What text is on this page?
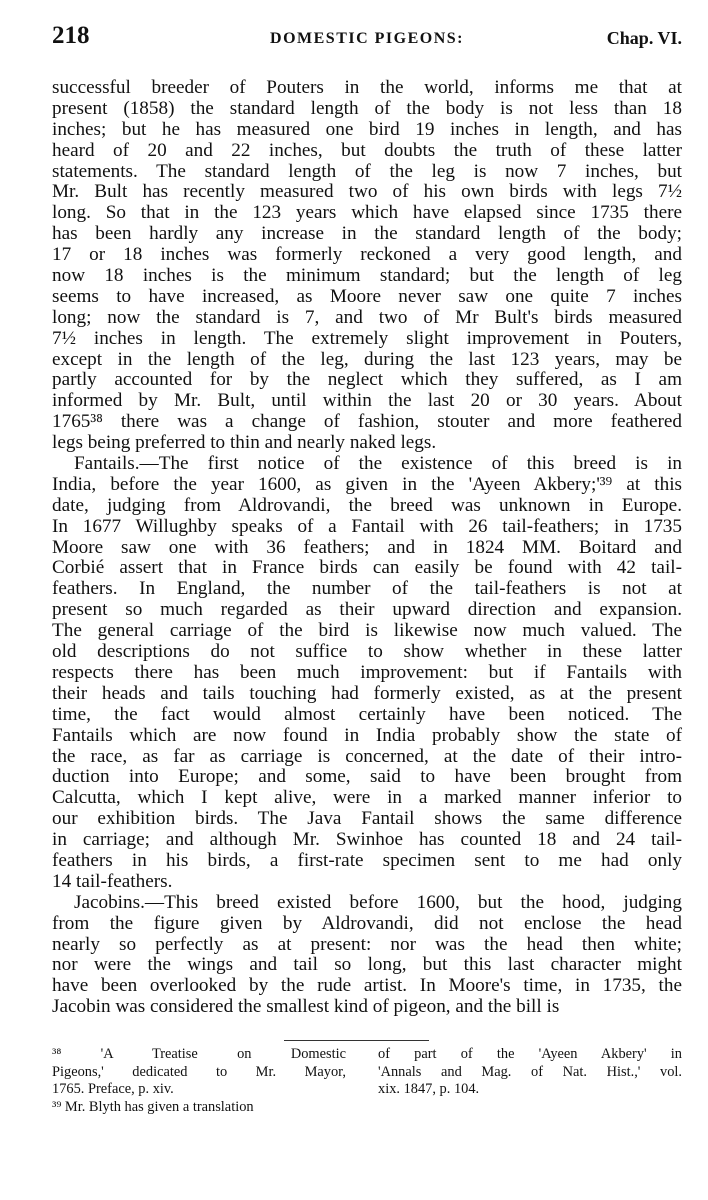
218	DOMESTIC PIGEONS:	Chap. VI.
successful breeder of Pouters in the world, informs me that at
present (1858) the standard length of the body is not less than 18
inches; but he has measured one bird 19 inches in length, and has
heard of 20 and 22 inches, but doubts the truth of these latter
statements. The standard length of the leg is now 7 inches, but
Mr. Bult has recently measured two of his own birds with legs 7½
long. So that in the 123 years which have elapsed since 1735 there
has been hardly any increase in the standard length of the body;
17 or 18 inches was formerly reckoned a very good length, and
now 18 inches is the minimum standard; but the length of leg
seems to have increased, as Moore never saw one quite 7 inches
long; now the standard is 7, and two of Mr Bult's birds measured
7½ inches in length. The extremely slight improvement in Pouters,
except in the length of the leg, during the last 123 years, may be
partly accounted for by the neglect which they suffered, as I am
informed by Mr. Bult, until within the last 20 or 30 years. About
1765³⁸ there was a change of fashion, stouter and more feathered
legs being preferred to thin and nearly naked legs.
Fantails.—The first notice of the existence of this breed is in
India, before the year 1600, as given in the 'Ayeen Akbery;'³⁹ at this
date, judging from Aldrovandi, the breed was unknown in Europe.
In 1677 Willughby speaks of a Fantail with 26 tail-feathers; in 1735
Moore saw one with 36 feathers; and in 1824 MM. Boitard and
Corbié assert that in France birds can easily be found with 42 tail-
feathers. In England, the number of the tail-feathers is not at
present so much regarded as their upward direction and expansion.
The general carriage of the bird is likewise now much valued. The
old descriptions do not suffice to show whether in these latter
respects there has been much improvement: but if Fantails with
their heads and tails touching had formerly existed, as at the present
time, the fact would almost certainly have been noticed. The
Fantails which are now found in India probably show the state of
the race, as far as carriage is concerned, at the date of their intro-
duction into Europe; and some, said to have been brought from
Calcutta, which I kept alive, were in a marked manner inferior to
our exhibition birds. The Java Fantail shows the same difference
in carriage; and although Mr. Swinhoe has counted 18 and 24 tail-
feathers in his birds, a first-rate specimen sent to me had only
14 tail-feathers.
Jacobins.—This breed existed before 1600, but the hood, judging
from the figure given by Aldrovandi, did not enclose the head
nearly so perfectly as at present: nor was the head then white;
nor were the wings and tail so long, but this last character might
have been overlooked by the rude artist. In Moore's time, in 1735, the
Jacobin was considered the smallest kind of pigeon, and the bill is
³⁸ 'A Treatise on Domestic
Pigeons,' dedicated to Mr. Mayor,
1765. Preface, p. xiv.
³⁹ Mr. Blyth has given a translation
of part of the 'Ayeen Akbery' in
'Annals and Mag. of Nat. Hist.,' vol.
xix. 1847, p. 104.
